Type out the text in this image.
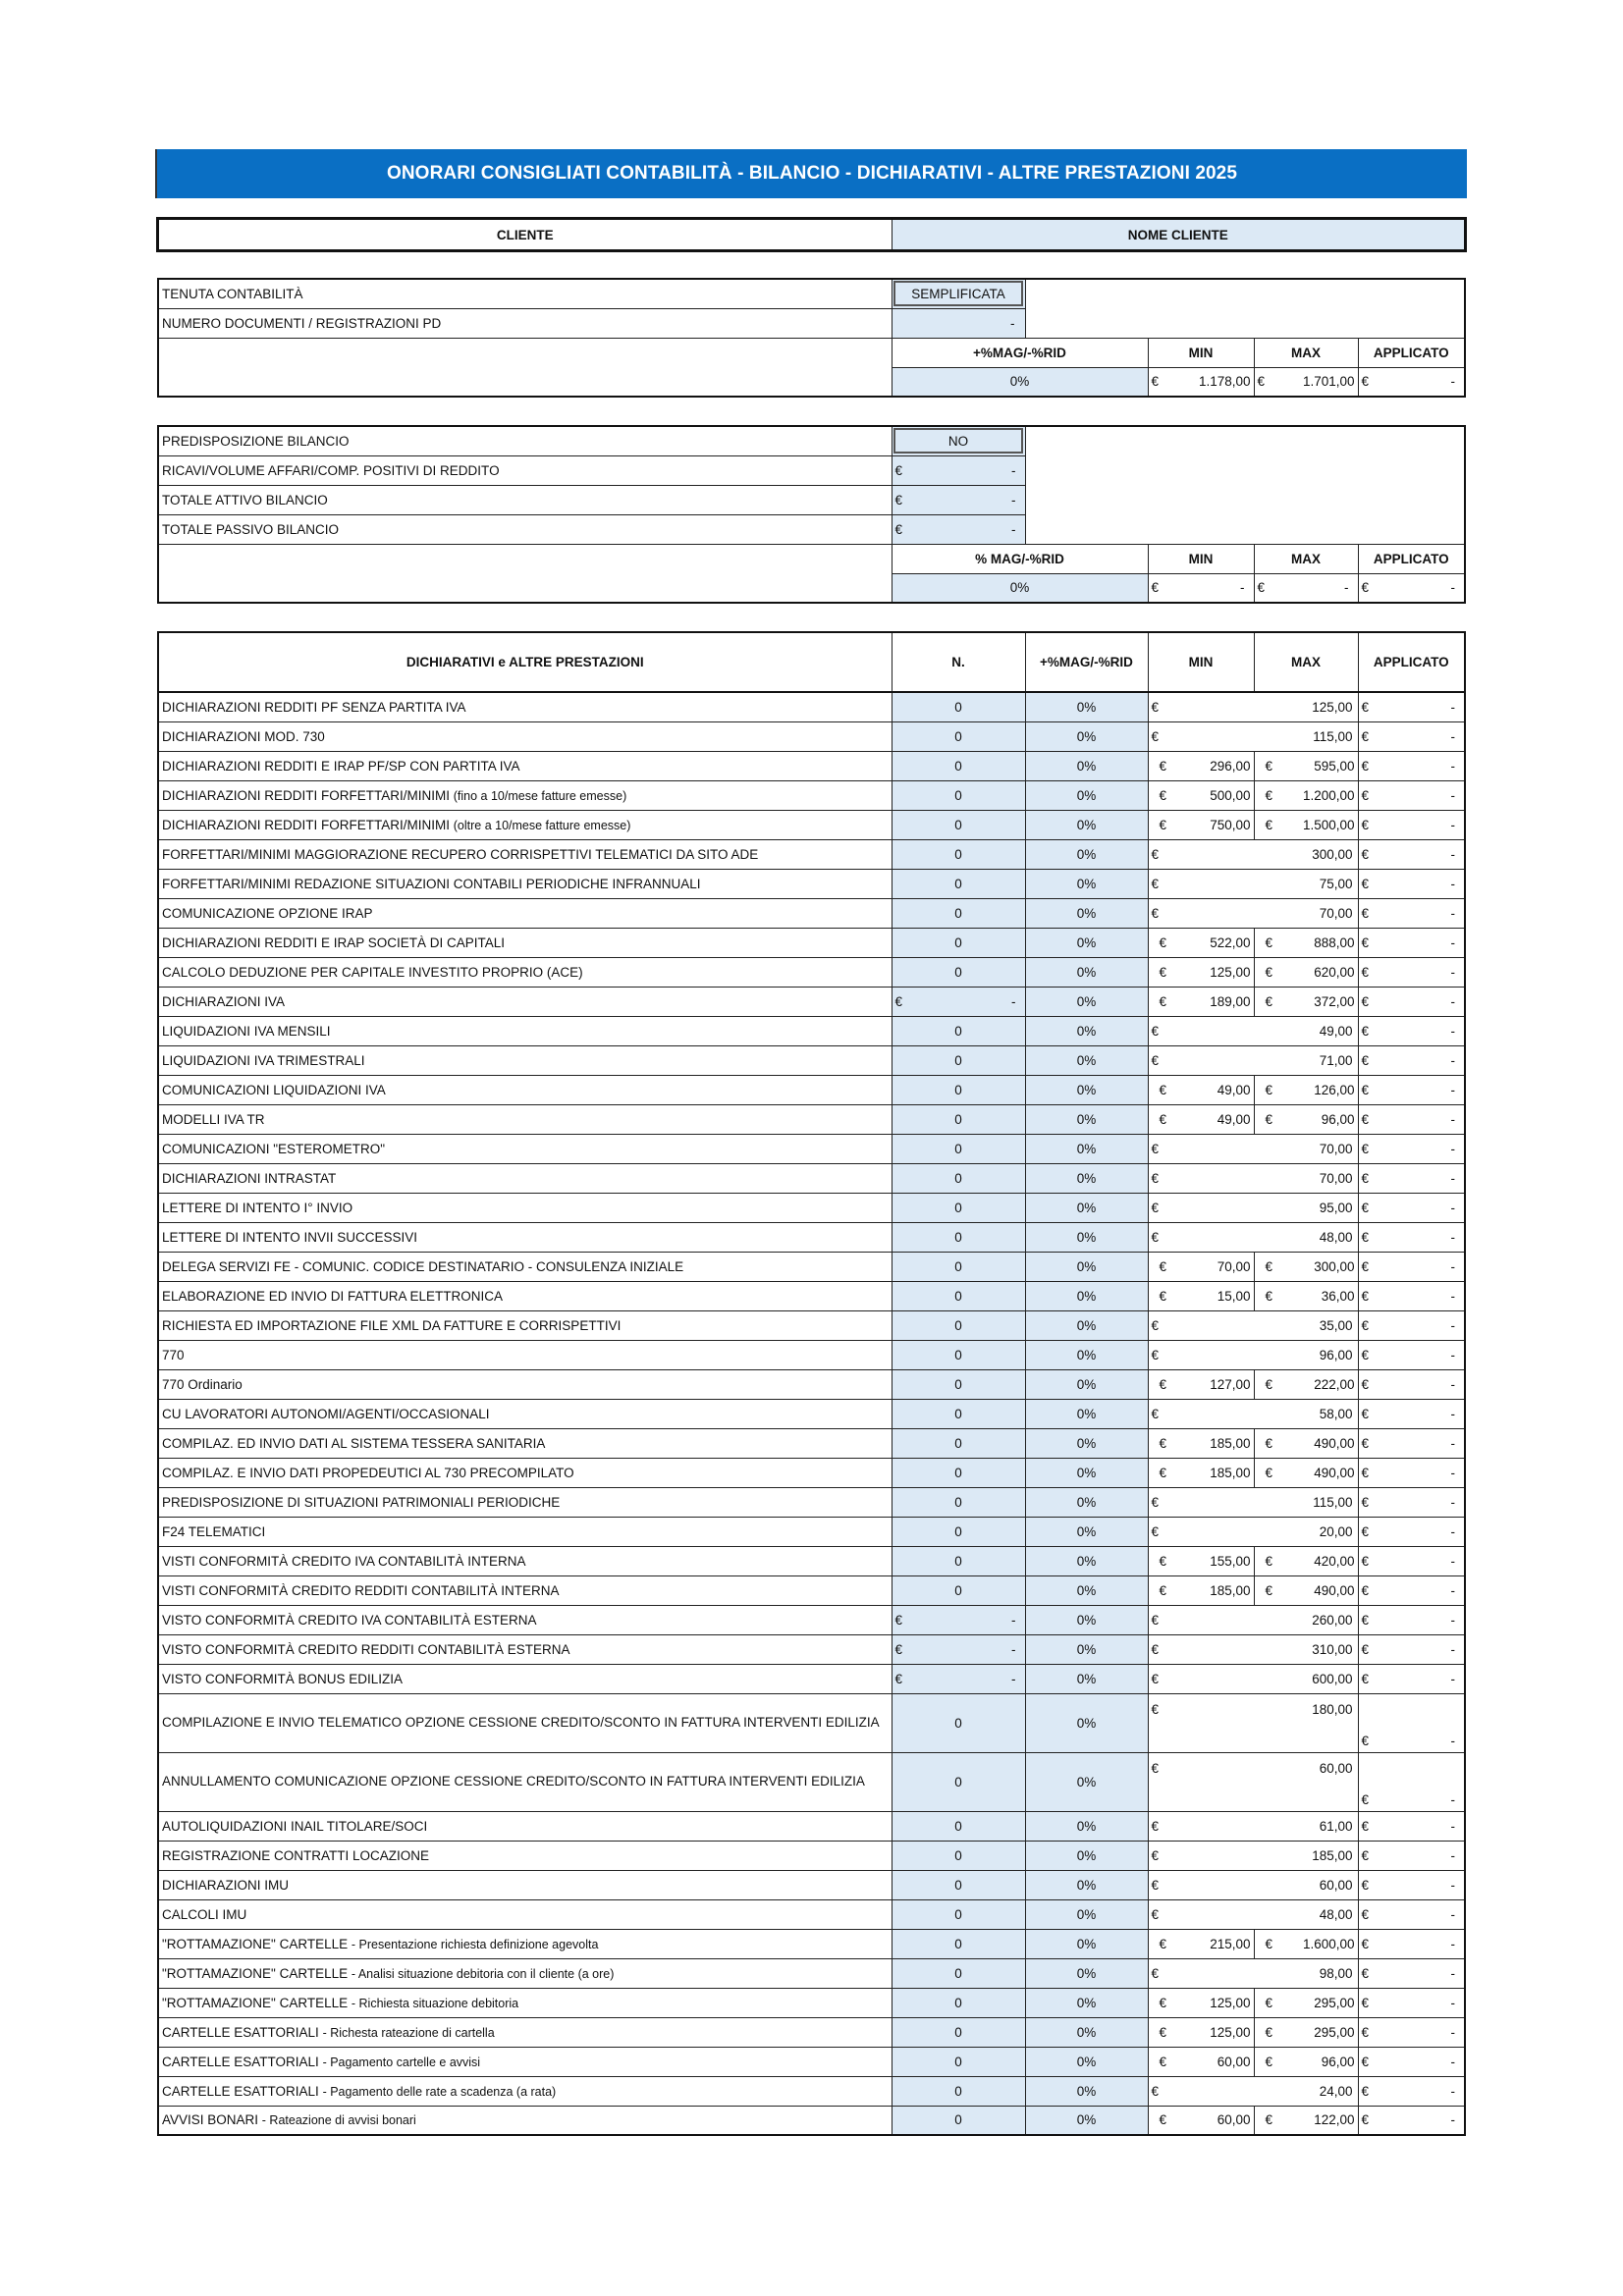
ONORARI CONSIGLIATI CONTABILITÀ - BILANCIO - DICHIARATIVI - ALTRE PRESTAZIONI 2025
CLIENTE	NOME CLIENTE
TENUTA CONTABILITÀ	SEMPLIFICATA				
NUMERO DOCUMENTI / REGISTRAZIONI PD	-				
	+%MAG/-%RID		MIN	MAX	APPLICATO
	0%		€ 1.178,00	€ 1.701,00	€ -
PREDISPOSIZIONE BILANCIO	NO				
RICAVI/VOLUME AFFARI/COMP. POSITIVI DI REDDITO	€ -				

TOTALE ATTIVO BILANCIO	€ -				

TOTALE PASSIVO BILANCIO	€ -				

	% MAG/-%RID		MIN	MAX	APPLICATO
	0%		€ -	€ -	€ -
DICHIARATIVI e ALTRE PRESTAZIONI	N.	+%MAG/-%RID	MIN	MAX	APPLICATO
DICHIARAZIONI REDDITI PF SENZA PARTITA IVA	0	0%	€ 125,00		€ -

DICHIARAZIONI MOD. 730	0	0%	€ 115,00		€ -

DICHIARAZIONI REDDITI E IRAP PF/SP CON PARTITA IVA	0	0%	€ 296,00	€ 595,00	€ -

DICHIARAZIONI REDDITI FORFETTARI/MINIMI (fino a 10/mese fatture emesse)	0	0%	€ 500,00	€ 1.200,00	€ -

DICHIARAZIONI REDDITI FORFETTARI/MINIMI (oltre a 10/mese fatture emesse)	0	0%	€ 750,00	€ 1.500,00	€ -

FORFETTARI/MINIMI MAGGIORAZIONE RECUPERO CORRISPETTIVI TELEMATICI DA SITO ADE	0	0%	€ 300,00		€ -

FORFETTARI/MINIMI REDAZIONE SITUAZIONI CONTABILI PERIODICHE INFRANNUALI	0	0%	€ 75,00		€ -

COMUNICAZIONE OPZIONE IRAP	0	0%	€ 70,00		€ -

DICHIARAZIONI REDDITI E IRAP SOCIETÀ DI CAPITALI	0	0%	€ 522,00	€ 888,00	€ -

CALCOLO DEDUZIONE PER CAPITALE INVESTITO PROPRIO (ACE)	0	0%	€ 125,00	€ 620,00	€ -

DICHIARAZIONI IVA	€ -	0%	€ 189,00	€ 372,00	€ -

LIQUIDAZIONI IVA MENSILI	0	0%	€ 49,00		€ -

LIQUIDAZIONI IVA TRIMESTRALI	0	0%	€ 71,00		€ -

COMUNICAZIONI LIQUIDAZIONI IVA	0	0%	€ 49,00	€ 126,00	€ -

MODELLI IVA TR	0	0%	€ 49,00	€ 96,00	€ -

COMUNICAZIONI "ESTEROMETRO"	0	0%	€ 70,00		€ -

DICHIARAZIONI INTRASTAT	0	0%	€ 70,00		€ -

LETTERE DI INTENTO I° INVIO	0	0%	€ 95,00		€ -

LETTERE DI INTENTO INVII SUCCESSIVI	0	0%	€ 48,00		€ -

DELEGA SERVIZI FE - COMUNIC. CODICE DESTINATARIO - CONSULENZA INIZIALE	0	0%	€ 70,00	€ 300,00	€ -

ELABORAZIONE ED INVIO DI FATTURA ELETTRONICA	0	0%	€ 15,00	€ 36,00	€ -

RICHIESTA ED IMPORTAZIONE FILE XML DA FATTURE E CORRISPETTIVI	0	0%	€ 35,00		€ -

770	0	0%	€ 96,00		€ -

770 Ordinario	0	0%	€ 127,00	€ 222,00	€ -

CU LAVORATORI AUTONOMI/AGENTI/OCCASIONALI	0	0%	€ 58,00		€ -

COMPILAZ. ED INVIO DATI AL SISTEMA TESSERA SANITARIA	0	0%	€ 185,00	€ 490,00	€ -

COMPILAZ. E INVIO DATI PROPEDEUTICI AL 730 PRECOMPILATO	0	0%	€ 185,00	€ 490,00	€ -

PREDISPOSIZIONE DI SITUAZIONI PATRIMONIALI PERIODICHE	0	0%	€ 115,00		€ -

F24 TELEMATICI	0	0%	€ 20,00		€ -

VISTI CONFORMITÀ CREDITO IVA CONTABILITÀ INTERNA	0	0%	€ 155,00	€ 420,00	€ -

VISTI CONFORMITÀ CREDITO REDDITI CONTABILITÀ INTERNA	0	0%	€ 185,00	€ 490,00	€ -

VISTO CONFORMITÀ CREDITO IVA CONTABILITÀ ESTERNA	€ -	0%	€ 260,00		€ -

VISTO CONFORMITÀ CREDITO REDDITI CONTABILITÀ ESTERNA	€ -	0%	€ 310,00		€ -

VISTO CONFORMITÀ BONUS EDILIZIA	€ -	0%	€ 600,00		€ -

COMPILAZIONE E INVIO TELEMATICO OPZIONE CESSIONE CREDITO/SCONTO IN FATTURA INTERVENTI EDILIZIA	0	0%	€ 180,00		€ -

ANNULLAMENTO COMUNICAZIONE OPZIONE CESSIONE CREDITO/SCONTO IN FATTURA INTERVENTI EDILIZIA	0	0%	€ 60,00		€ -

AUTOLIQUIDAZIONI INAIL TITOLARE/SOCI	0	0%	€ 61,00		€ -

REGISTRAZIONE CONTRATTI LOCAZIONE	0	0%	€ 185,00		€ -

DICHIARAZIONI IMU	0	0%	€ 60,00		€ -

CALCOLI IMU	0	0%	€ 48,00		€ -

"ROTTAMAZIONE" CARTELLE - Presentazione richiesta definizione agevolta	0	0%	€ 215,00	€ 1.600,00	€ -

"ROTTAMAZIONE" CARTELLE - Analisi situazione debitoria con il cliente (a ore)	0	0%	€ 98,00		€ -

"ROTTAMAZIONE" CARTELLE - Richiesta situazione debitoria	0	0%	€ 125,00	€ 295,00	€ -

CARTELLE ESATTORIALI - Richesta rateazione di cartella	0	0%	€ 125,00	€ 295,00	€ -

CARTELLE ESATTORIALI - Pagamento cartelle e avvisi	0	0%	€ 60,00	€ 96,00	€ -

CARTELLE ESATTORIALI - Pagamento delle rate a scadenza (a rata)	0	0%	€ 24,00		€ -

AVVISI BONARI - Rateazione di avvisi bonari	0	0%	€ 60,00	€ 122,00	€ -
